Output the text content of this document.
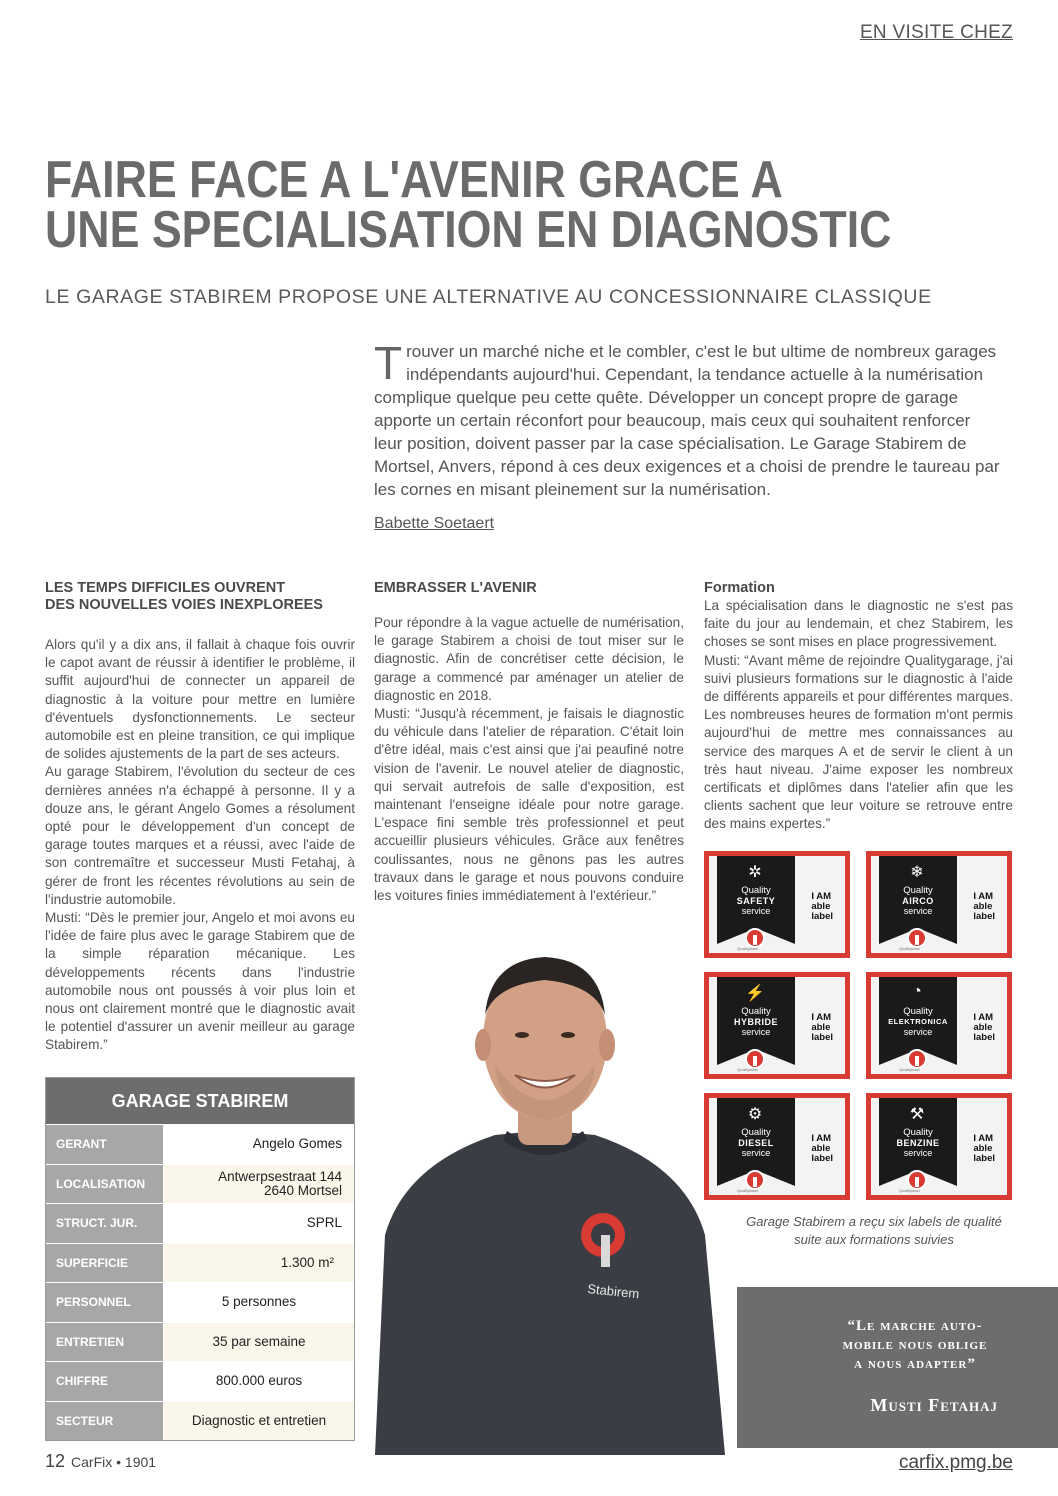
EN VISITE CHEZ
FAIRE FACE A L'AVENIR GRACE A
UNE SPECIALISATION EN DIAGNOSTIC
LE GARAGE STABIREM PROPOSE UNE ALTERNATIVE AU CONCESSIONNAIRE CLASSIQUE
Trouver un marché niche et le combler, c'est le but ultime de nombreux garages indépendants aujourd'hui. Cependant, la tendance actuelle à la numérisation complique quelque peu cette quête. Développer un concept propre de garage apporte un certain réconfort pour beaucoup, mais ceux qui souhaitent renforcer leur position, doivent passer par la case spécialisation. Le Garage Stabirem de Mortsel, Anvers, répond à ces deux exigences et a choisi de prendre le taureau par les cornes en misant pleinement sur la numérisation.
Babette Soetaert
LES TEMPS DIFFICILES OUVRENT
DES NOUVELLES VOIES INEXPLOREES

Alors qu'il y a dix ans, il fallait à chaque fois ouvrir le capot avant de réussir à identifier le problème, il suffit aujourd'hui de connecter un appareil de diagnostic à la voiture pour mettre en lumière d'éventuels dysfonctionnements. Le secteur automobile est en pleine transition, ce qui implique de solides ajustements de la part de ses acteurs.

Au garage Stabirem, l'évolution du secteur de ces dernières années n'a échappé à personne. Il y a douze ans, le gérant Angelo Gomes a résolument opté pour le développement d'un concept de garage toutes marques et a réussi, avec l'aide de son contremaître et successeur Musti Fetahaj, à gérer de front les récentes révolutions au sein de l'industrie automobile.

Musti: “Dès le premier jour, Angelo et moi avons eu l'idée de faire plus avec le garage Stabirem que de la simple réparation mécanique. Les développements récents dans l'industrie automobile nous ont poussés à voir plus loin et nous ont clairement montré que le diagnostic avait le potentiel d'assurer un avenir meilleur au garage Stabirem.”

EMBRASSER L'AVENIR

Pour répondre à la vague actuelle de numérisation, le garage Stabirem a choisi de tout miser sur le diagnostic. Afin de concrétiser cette décision, le garage a commencé par aménager un atelier de diagnostic en 2018.

Musti: “Jusqu'à récemment, je faisais le diagnostic du véhicule dans l'atelier de réparation. C'était loin d'être idéal, mais c'est ainsi que j'ai peaufiné notre vision de l'avenir. Le nouvel atelier de diagnostic, qui servait autrefois de salle d'exposition, est maintenant l'enseigne idéale pour notre garage. L'espace fini semble très professionnel et peut accueillir plusieurs véhicules. Grâce aux fenêtres coulissantes, nous ne gênons pas les autres travaux dans le garage et nous pouvons conduire les voitures finies immédiatement à l'extérieur.”

Formation

La spécialisation dans le diagnostic ne s'est pas faite du jour au lendemain, et chez Stabirem, les choses se sont mises en place progressivement.

Musti: “Avant même de rejoindre Qualitygarage, j'ai suivi plusieurs formations sur le diagnostic à l'aide de différents appareils et pour différentes marques. Les nombreuses heures de formation m'ont permis aujourd'hui de mettre mes connaissances au service des marques A et de servir le client à un très haut niveau. J'aime exposer les nombreux certificats et diplômes dans l'atelier afin que les clients sachent que leur voiture se retrouve entre des mains expertes.”

GARAGE STABIREM
GERANT	Angelo Gomes
LOCALISATION	Antwerpsestraat 144
2640 Mortsel
STRUCT. JUR.	SPRL
SUPERFICIE	1.300 m²
PERSONNEL	5 personnes
ENTRETIEN	35 par semaine
CHIFFRE	800.000 euros
SECTEUR	Diagnostic et entretien
Stabirem
✲
Quality
SAFETY
service
I AM
able
label
Qualitylabel
❄
Quality
AIRCO
service
I AM
able
label
Qualitylabel
⚡
Quality
HYBRIDE
service
I AM
able
label
Qualitylabel
◔
Quality
ELEKTRONICA
service
I AM
able
label
Qualitylabel
⚙
Quality
DIESEL
service
I AM
able
label
Qualitylabel
⚒
Quality
BENZINE
service
I AM
able
label
Qualitylabel
Garage Stabirem a reçu six labels de qualité
suite aux formations suivies
“Le marche auto-
mobile nous oblige
a nous adapter”
Musti Fetahaj
12 CarFix • 1901	carfix.pmg.be
